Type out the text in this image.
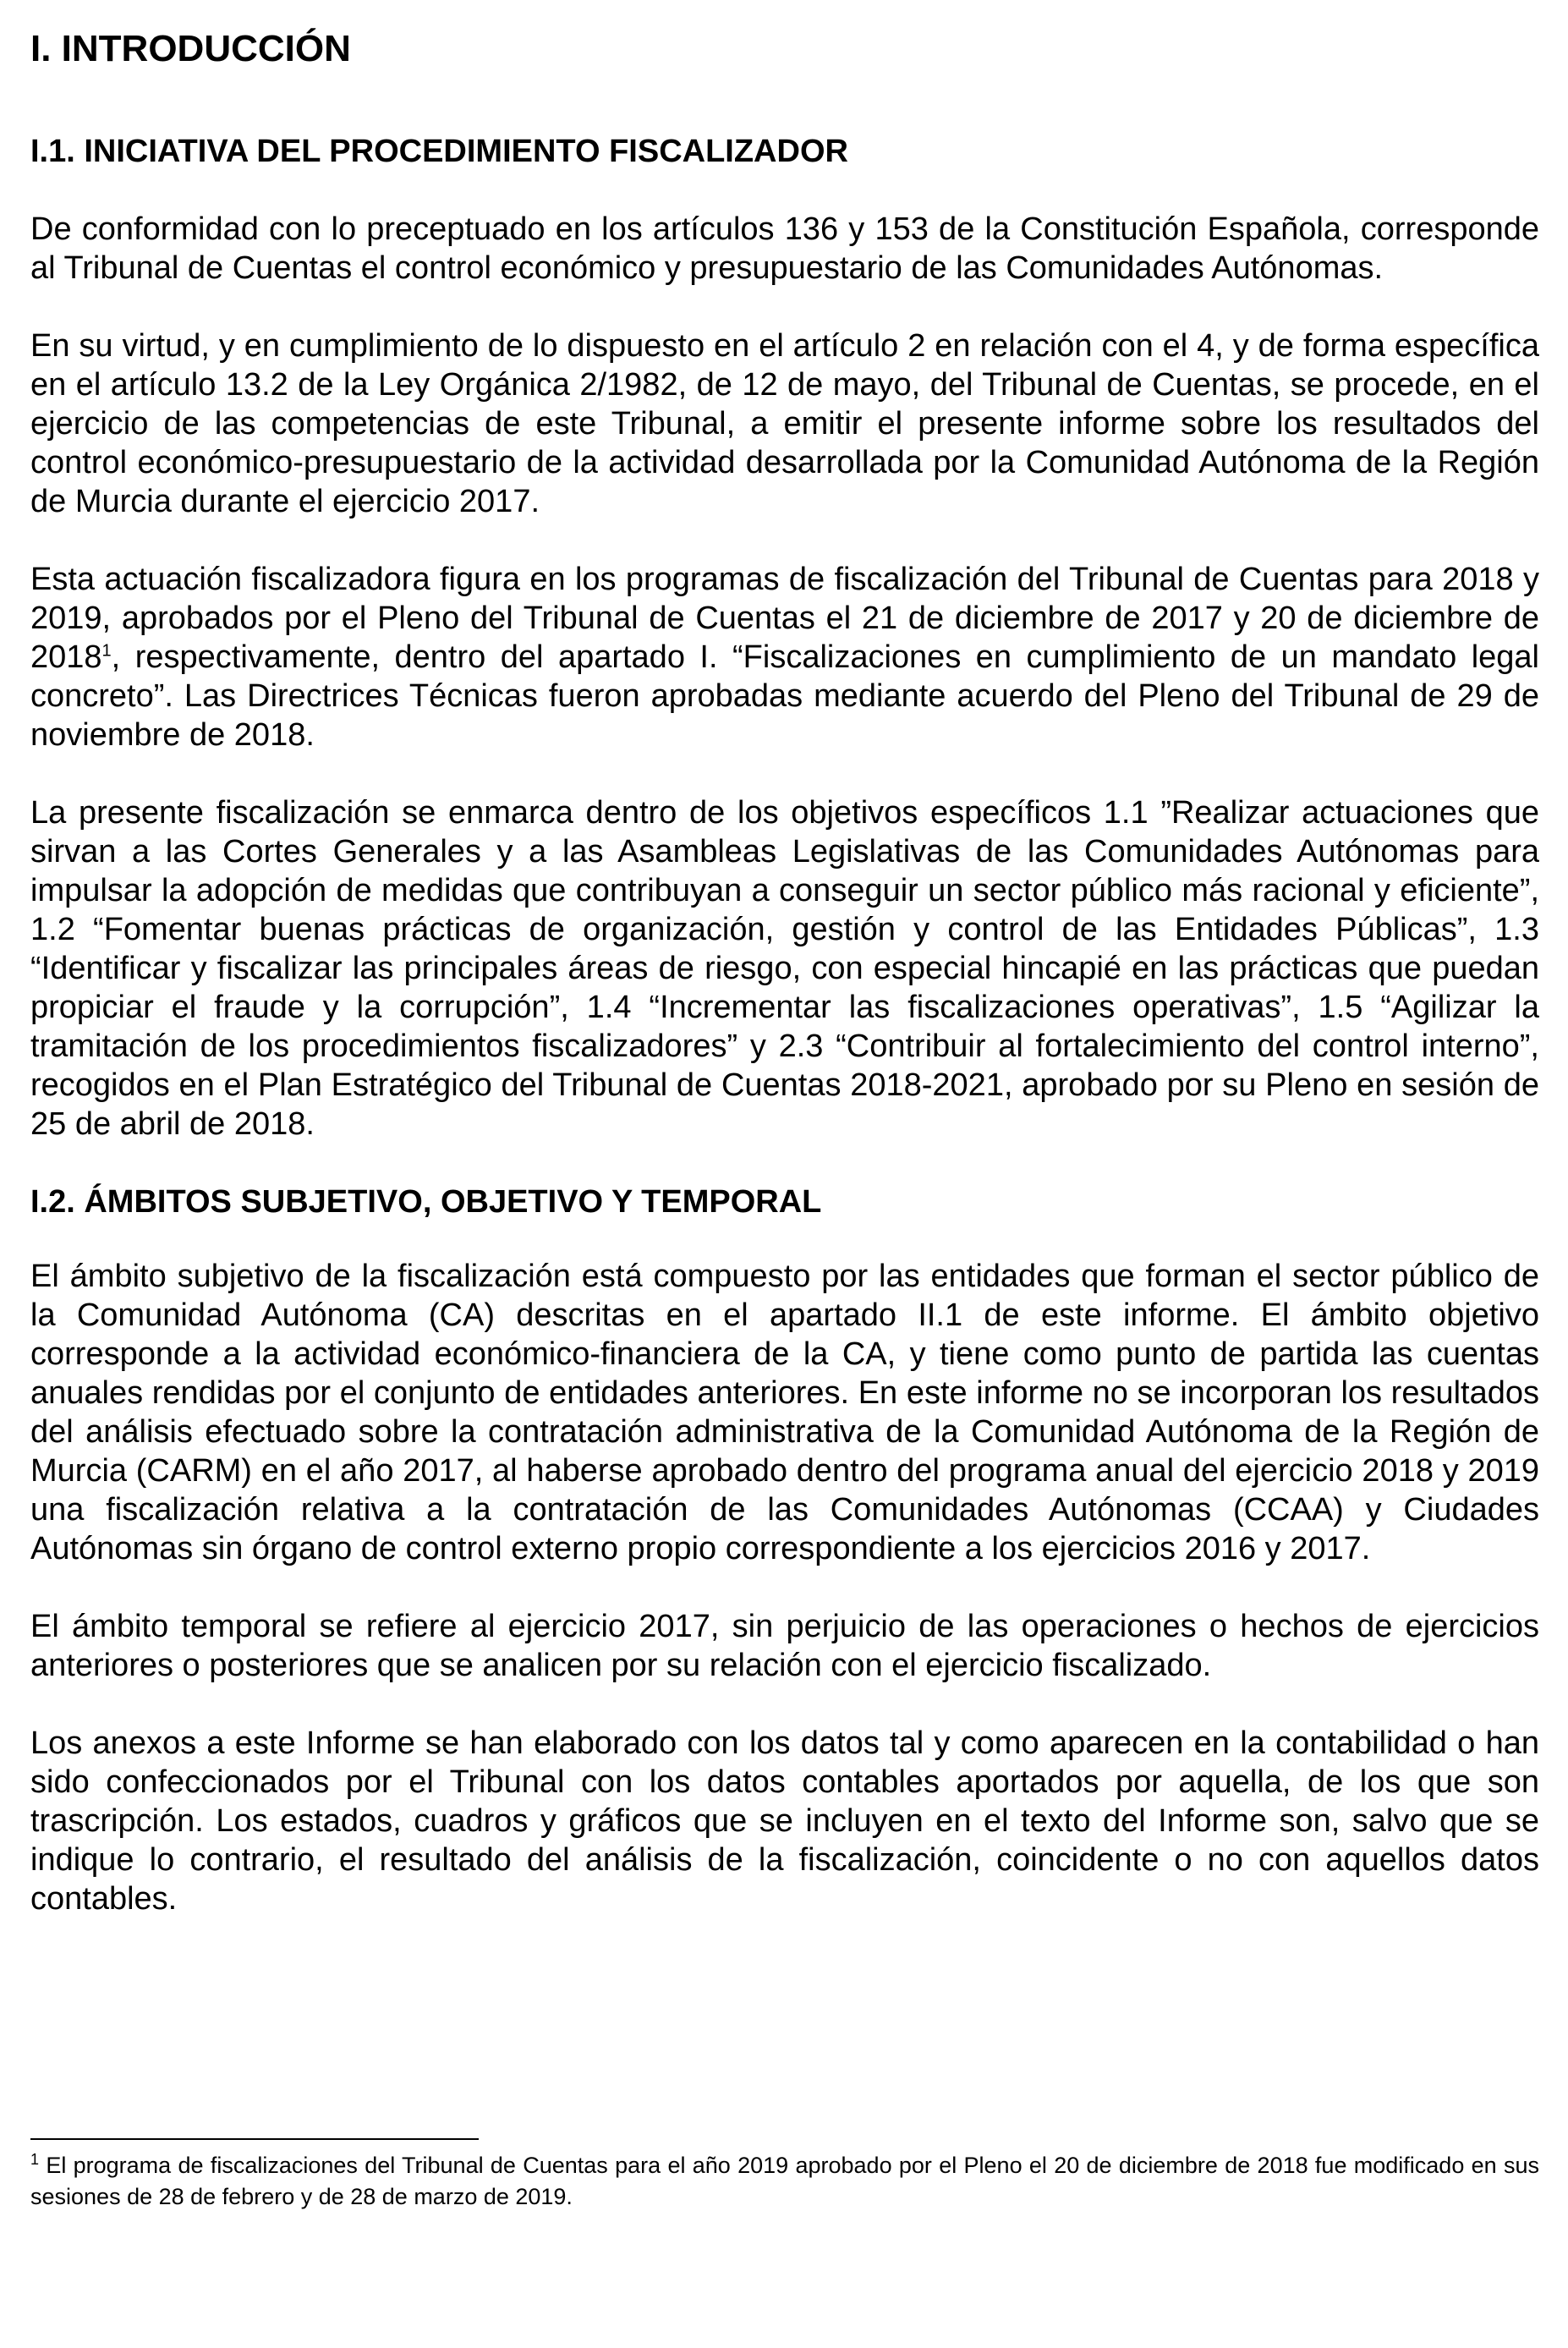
I. INTRODUCCIÓN
I.1. INICIATIVA DEL PROCEDIMIENTO FISCALIZADOR

De conformidad con lo preceptuado en los artículos 136 y 153 de la Constitución Española, corresponde al Tribunal de Cuentas el control económico y presupuestario de las Comunidades Autónomas.

En su virtud, y en cumplimiento de lo dispuesto en el artículo 2 en relación con el 4, y de forma específica en el artículo 13.2 de la Ley Orgánica 2/1982, de 12 de mayo, del Tribunal de Cuentas, se procede, en el ejercicio de las competencias de este Tribunal, a emitir el presente informe sobre los resultados del control económico-presupuestario de la actividad desarrollada por la Comunidad Autónoma de la Región de Murcia durante el ejercicio 2017.

Esta actuación fiscalizadora figura en los programas de fiscalización del Tribunal de Cuentas para 2018 y 2019, aprobados por el Pleno del Tribunal de Cuentas el 21 de diciembre de 2017 y 20 de diciembre de 2018$^1$, respectivamente, dentro del apartado I. “Fiscalizaciones en cumplimiento de un mandato legal concreto”. Las Directrices Técnicas fueron aprobadas mediante acuerdo del Pleno del Tribunal de 29 de noviembre de 2018.

La presente fiscalización se enmarca dentro de los objetivos específicos 1.1 ”Realizar actuaciones que sirvan a las Cortes Generales y a las Asambleas Legislativas de las Comunidades Autónomas para impulsar la adopción de medidas que contribuyan a conseguir un sector público más racional y eficiente”, 1.2 “Fomentar buenas prácticas de organización, gestión y control de las Entidades Públicas”, 1.3 “Identificar y fiscalizar las principales áreas de riesgo, con especial hincapié en las prácticas que puedan propiciar el fraude y la corrupción”, 1.4 “Incrementar las fiscalizaciones operativas”, 1.5 “Agilizar la tramitación de los procedimientos fiscalizadores” y 2.3 “Contribuir al fortalecimiento del control interno”, recogidos en el Plan Estratégico del Tribunal de Cuentas 2018-2021, aprobado por su Pleno en sesión de 25 de abril de 2018.

I.2. ÁMBITOS SUBJETIVO, OBJETIVO Y TEMPORAL

El ámbito subjetivo de la fiscalización está compuesto por las entidades que forman el sector público de la Comunidad Autónoma (CA) descritas en el apartado II.1 de este informe. El ámbito objetivo corresponde a la actividad económico-financiera de la CA, y tiene como punto de partida las cuentas anuales rendidas por el conjunto de entidades anteriores. En este informe no se incorporan los resultados del análisis efectuado sobre la contratación administrativa de la Comunidad Autónoma de la Región de Murcia (CARM) en el año 2017, al haberse aprobado dentro del programa anual del ejercicio 2018 y 2019 una fiscalización relativa a la contratación de las Comunidades Autónomas (CCAA) y Ciudades Autónomas sin órgano de control externo propio correspondiente a los ejercicios 2016 y 2017.

El ámbito temporal se refiere al ejercicio 2017, sin perjuicio de las operaciones o hechos de ejercicios anteriores o posteriores que se analicen por su relación con el ejercicio fiscalizado.

Los anexos a este Informe se han elaborado con los datos tal y como aparecen en la contabilidad o han sido confeccionados por el Tribunal con los datos contables aportados por aquella, de los que son trascripción. Los estados, cuadros y gráficos que se incluyen en el texto del Informe son, salvo que se indique lo contrario, el resultado del análisis de la fiscalización, coincidente o no con aquellos datos contables.

$^1$ El programa de fiscalizaciones del Tribunal de Cuentas para el año 2019 aprobado por el Pleno el 20 de diciembre de 2018 fue modificado en sus sesiones de 28 de febrero y de 28 de marzo de 2019.
